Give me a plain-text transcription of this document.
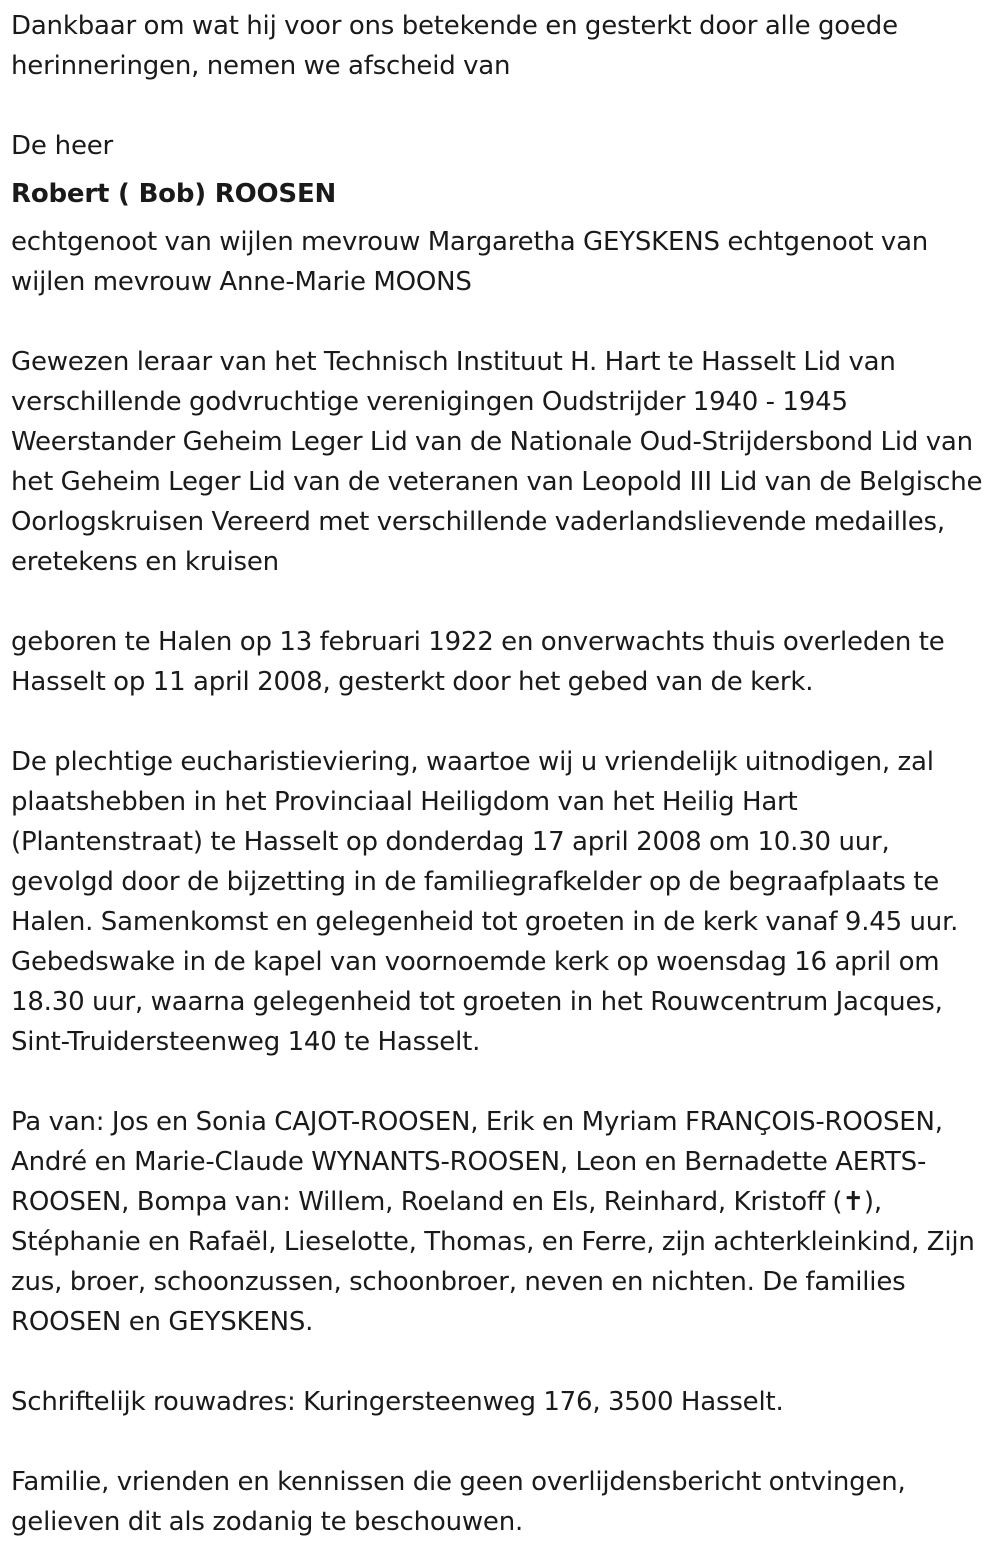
Dankbaar om wat hij voor ons betekende en gesterkt door alle goede herinneringen, nemen we afscheid van

De heer

Robert ( Bob) ROOSEN

echtgenoot van wijlen mevrouw Margaretha GEYSKENS echtgenoot van wijlen mevrouw Anne-Marie MOONS

Gewezen leraar van het Technisch Instituut H. Hart te Hasselt Lid van verschillende godvruchtige verenigingen Oudstrijder 1940 - 1945 Weerstander Geheim Leger Lid van de Nationale Oud-Strijdersbond Lid van het Geheim Leger Lid van de veteranen van Leopold III Lid van de Belgische Oorlogskruisen Vereerd met verschillende vaderlandslievende medailles, eretekens en kruisen

geboren te Halen op 13 februari 1922 en onverwachts thuis overleden te Hasselt op 11 april 2008, gesterkt door het gebed van de kerk.

De plechtige eucharistieviering, waartoe wij u vriendelijk uitnodigen, zal plaatshebben in het Provinciaal Heiligdom van het Heilig Hart (Plantenstraat) te Hasselt op donderdag 17 april 2008 om 10.30 uur, gevolgd door de bijzetting in de familiegrafkelder op de begraafplaats te Halen. Samenkomst en gelegenheid tot groeten in de kerk vanaf 9.45 uur. Gebedswake in de kapel van voornoemde kerk op woensdag 16 april om 18.30 uur, waarna gelegenheid tot groeten in het Rouwcentrum Jacques, Sint-Truidersteenweg 140 te Hasselt.

Pa van: Jos en Sonia CAJOT-ROOSEN, Erik en Myriam FRANÇOIS-ROOSEN, André en Marie-Claude WYNANTS-ROOSEN, Leon en Bernadette AERTS-ROOSEN, Bompa van: Willem, Roeland en Els, Reinhard, Kristoff (✝), Stéphanie en Rafaël, Lieselotte, Thomas, en Ferre, zijn achterkleinkind, Zijn zus, broer, schoonzussen, schoonbroer, neven en nichten. De families ROOSEN en GEYSKENS.

Schriftelijk rouwadres: Kuringersteenweg 176, 3500 Hasselt.

Familie, vrienden en kennissen die geen overlijdensbericht ontvingen, gelieven dit als zodanig te beschouwen.
